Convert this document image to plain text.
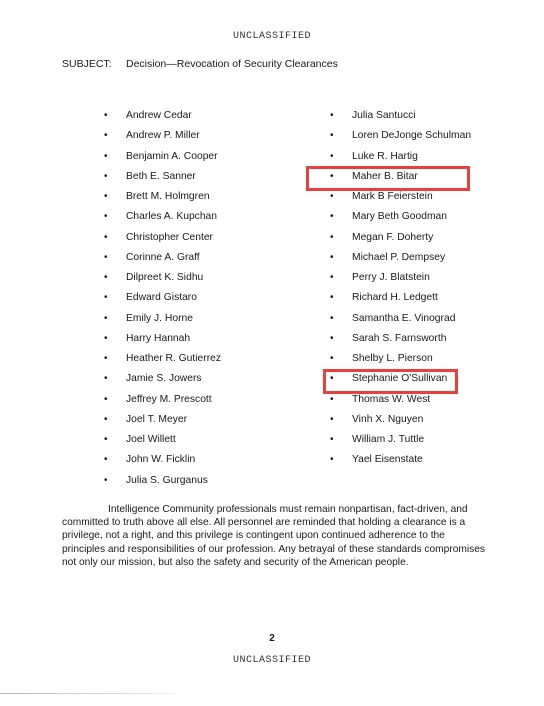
UNCLASSIFIED
SUBJECT: Decision—Revocation of Security Clearances
• Andrew Cedar
• Andrew P. Miller
• Benjamin A. Cooper
• Beth E. Sanner
• Brett M. Holmgren
• Charles A. Kupchan
• Christopher Center
• Corinne A. Graff
• Dilpreet K. Sidhu
• Edward Gistaro
• Emily J. Horne
• Harry Hannah
• Heather R. Gutierrez
• Jamie S. Jowers
• Jeffrey M. Prescott
• Joel T. Meyer
• Joel Willett
• John W. Ficklin
• Julia S. Gurganus
• Julia Santucci
• Loren DeJonge Schulman
• Luke R. Hartig
• Maher B. Bitar
• Mark B Feierstein
• Mary Beth Goodman
• Megan F. Doherty
• Michael P. Dempsey
• Perry J. Blatstein
• Richard H. Ledgett
• Samantha E. Vinograd
• Sarah S. Farnsworth
• Shelby L. Pierson
• Stephanie O'Sullivan
• Thomas W. West
• Vinh X. Nguyen
• William J. Tuttle
• Yael Eisenstate

Intelligence Community professionals must remain nonpartisan, fact-driven, and committed to truth above all else. All personnel are reminded that holding a clearance is a privilege, not a right, and this privilege is contingent upon continued adherence to the principles and responsibilities of our profession. Any betrayal of these standards compromises not only our mission, but also the safety and security of the American people.

2
UNCLASSIFIED
